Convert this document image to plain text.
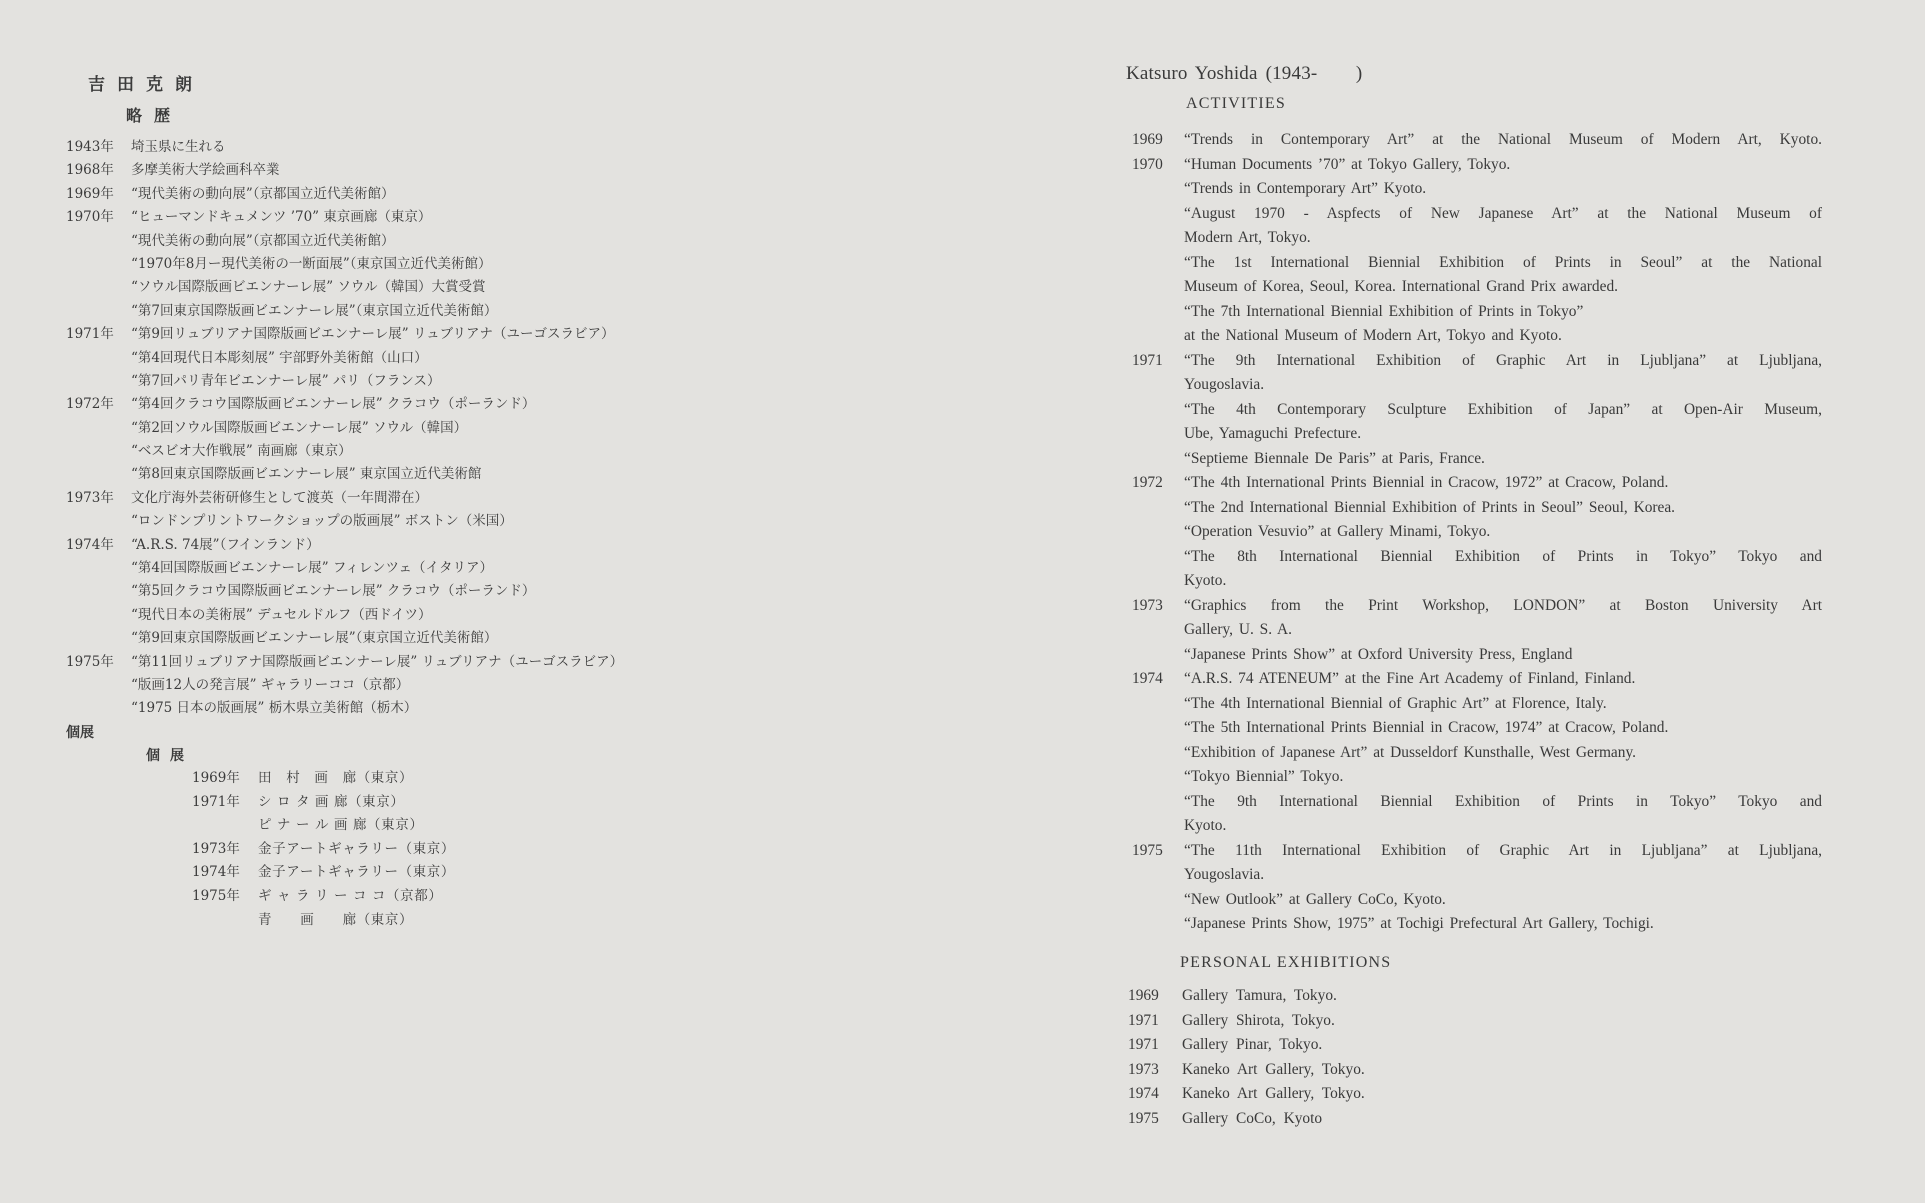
吉田克朗
略歴
1943年	埼玉県に生れる
1968年	多摩美術大学絵画科卒業
1969年	“現代美術の動向展”（京都国立近代美術館）
1970年	“ヒューマンドキュメンツ ’70” 東京画廊（東京）
“現代美術の動向展”（京都国立近代美術館）
“1970年8月ー現代美術の一断面展”（東京国立近代美術館）
“ソウル国際版画ビエンナーレ展” ソウル（韓国）大賞受賞
“第7回東京国際版画ビエンナーレ展”（東京国立近代美術館）
1971年	“第9回リュブリアナ国際版画ビエンナーレ展” リュブリアナ（ユーゴスラビア）
“第4回現代日本彫刻展” 宇部野外美術館（山口）
“第7回パリ青年ビエンナーレ展” パリ（フランス）
1972年	“第4回クラコウ国際版画ビエンナーレ展” クラコウ（ポーランド）
“第2回ソウル国際版画ビエンナーレ展” ソウル（韓国）
“ベスビオ大作戦展” 南画廊（東京）
“第8回東京国際版画ビエンナーレ展” 東京国立近代美術館
1973年	文化庁海外芸術研修生として渡英（一年間滞在）
“ロンドンプリントワークショップの版画展” ボストン（米国）
1974年	“A.R.S. 74展”（フインランド）
“第4回国際版画ビエンナーレ展” フィレンツェ（イタリア）
“第5回クラコウ国際版画ビエンナーレ展” クラコウ（ポーランド）
“現代日本の美術展” デュセルドルフ（西ドイツ）
“第9回東京国際版画ビエンナーレ展”（東京国立近代美術館）
1975年	“第11回リュブリアナ国際版画ビエンナーレ展” リュブリアナ（ユーゴスラビア）
“版画12人の発言展” ギャラリーココ（京都）
“1975 日本の版画展” 栃木県立美術館（栃木）
個展
個展
1969年	田　村　画　廊（東京）
1971年	シ ロ タ 画 廊（東京）
ピ ナ ー ル 画 廊（東京）
1973年	金子アートギャラリー（東京）
1974年	金子アートギャラリー（東京）
1975年	ギ ャ ラ リ ー コ コ（京都）
青　　画　　廊（東京）
Katsuro Yoshida (1943-　　)
ACTIVITIES
1969	“Trends in Contemporary Art” at the National Museum of Modern Art, Kyoto.
1970	“Human Documents ’70” at Tokyo Gallery, Tokyo.
“Trends in Contemporary Art” Kyoto.
“August 1970 - Aspfects of New Japanese Art” at the National Museum of
Modern Art, Tokyo.
“The 1st International Biennial Exhibition of Prints in Seoul” at the National
Museum of Korea, Seoul, Korea. International Grand Prix awarded.
“The 7th International Biennial Exhibition of Prints in Tokyo”
at the National Museum of Modern Art, Tokyo and Kyoto.
1971	“The 9th International Exhibition of Graphic Art in Ljubljana” at Ljubljana,
Yougoslavia.
“The 4th Contemporary Sculpture Exhibition of Japan” at Open-Air Museum,
Ube, Yamaguchi Prefecture.
“Septieme Biennale De Paris” at Paris, France.
1972	“The 4th International Prints Biennial in Cracow, 1972” at Cracow, Poland.
“The 2nd International Biennial Exhibition of Prints in Seoul” Seoul, Korea.
“Operation Vesuvio” at Gallery Minami, Tokyo.
“The 8th International Biennial Exhibition of Prints in Tokyo” Tokyo and
Kyoto.
1973	“Graphics from the Print Workshop, LONDON” at Boston University Art
Gallery, U. S. A.
“Japanese Prints Show” at Oxford University Press, England
1974	“A.R.S. 74 ATENEUM” at the Fine Art Academy of Finland, Finland.
“The 4th International Biennial of Graphic Art” at Florence, Italy.
“The 5th International Prints Biennial in Cracow, 1974” at Cracow, Poland.
“Exhibition of Japanese Art” at Dusseldorf Kunsthalle, West Germany.
“Tokyo Biennial” Tokyo.
“The 9th International Biennial Exhibition of Prints in Tokyo” Tokyo and
Kyoto.
1975	“The 11th International Exhibition of Graphic Art in Ljubljana” at Ljubljana,
Yougoslavia.
“New Outlook” at Gallery CoCo, Kyoto.
“Japanese Prints Show, 1975” at Tochigi Prefectural Art Gallery, Tochigi.
PERSONAL EXHIBITIONS
1969	Gallery Tamura, Tokyo.
1971	Gallery Shirota, Tokyo.
1971	Gallery Pinar, Tokyo.
1973	Kaneko Art Gallery, Tokyo.
1974	Kaneko Art Gallery, Tokyo.
1975	Gallery CoCo, Kyoto
